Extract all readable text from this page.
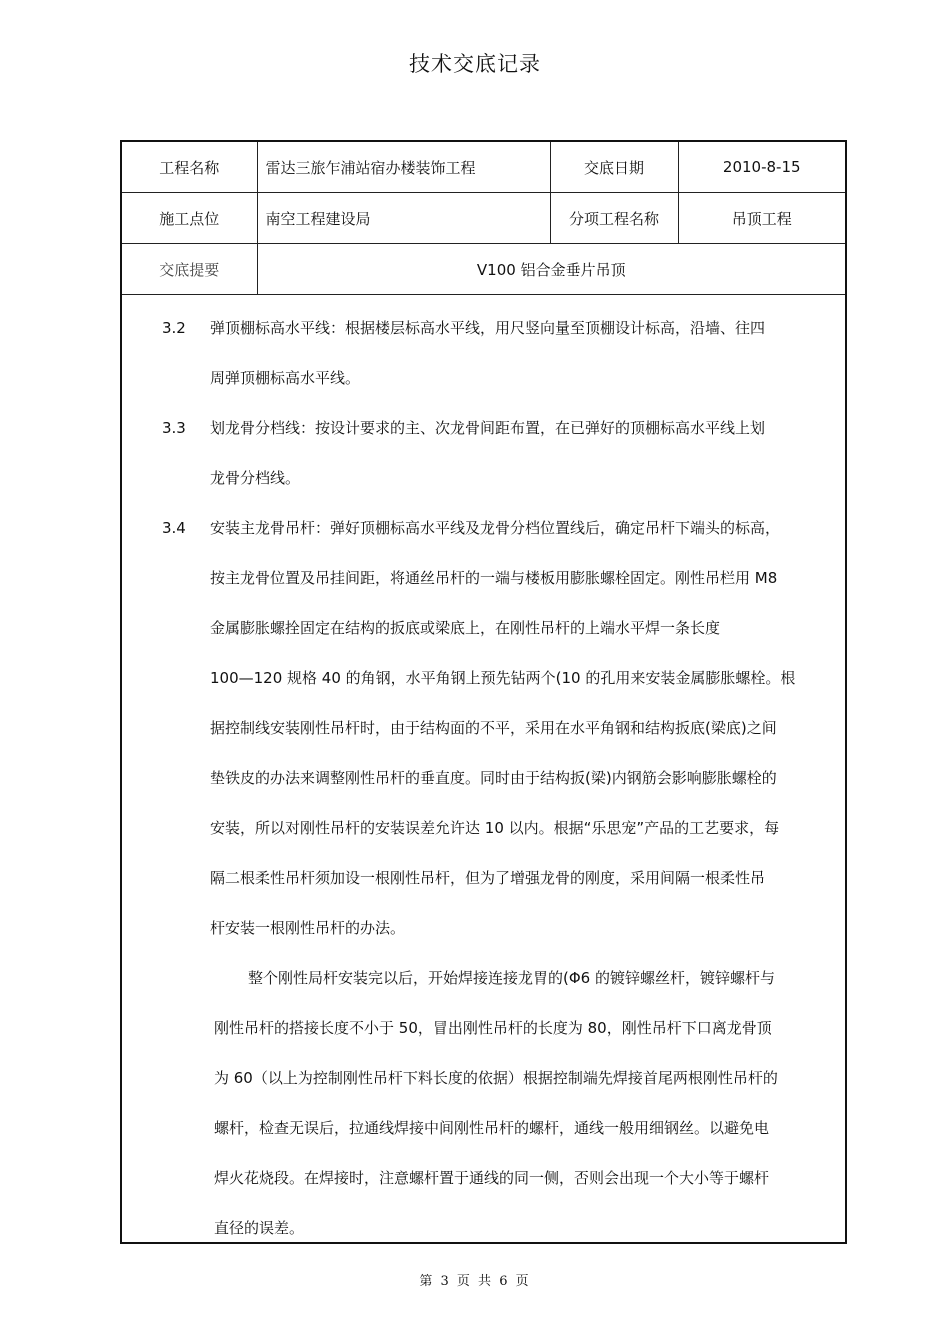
技术交底记录
工程名称	雷达三旅乍浦站宿办楼装饰工程	交底日期	2010-8-15
施工点位	南空工程建设局	分项工程名称	吊顶工程
交底提要	V100 铝合金垂片吊顶		
3.2 弹顶棚标高水平线：根据楼层标高水平线，用尺竖向量至顶棚设计标高，沿墙、往四
周弹顶棚标高水平线。
3.3 划龙骨分档线：按设计要求的主、次龙骨间距布置，在已弹好的顶棚标高水平线上划
龙骨分档线。
3.4 安装主龙骨吊杆：弹好顶棚标高水平线及龙骨分档位置线后，确定吊杆下端头的标高，
按主龙骨位置及吊挂间距，将通丝吊杆的一端与楼板用膨胀螺栓固定。刚性吊栏用 M8
金属膨胀螺拴固定在结构的扳底或梁底上，在刚性吊杆的上端水平焊一条长度
100—120 规格 40 的角钢，水平角钢上预先钻两个(10 的孔用来安装金属膨胀螺栓。根
据控制线安装刚性吊杆时，由于结构面的不平，采用在水平角钢和结构扳底(梁底)之间
垫铁皮的办法来调整刚性吊杆的垂直度。同时由于结构扳(梁)内钢筋会影响膨胀螺栓的
安装，所以对刚性吊杆的安装误差允许达 10 以内。根据“乐思宠”产品的工艺要求，每
隔二根柔性吊杆须加设一根刚性吊杆，但为了增强龙骨的刚度，采用间隔一根柔性吊
杆安装一根刚性吊杆的办法。
整个刚性局杆安装完以后，开始焊接连接龙胃的(Φ6 的镀锌螺丝杆，镀锌螺杆与
刚性吊杆的搭接长度不小于 50，冒出刚性吊杆的长度为 80，刚性吊杆下口离龙骨顶
为 60（以上为控制刚性吊杆下料长度的依据）根据控制端先焊接首尾两根刚性吊杆的
螺杆，检查无误后，拉通线焊接中间刚性吊杆的螺杆，通线一般用细钢丝。以避免电
焊火花烧段。在焊接时，注意螺杆置于通线的同一侧，否则会出现一个大小等于螺杆
直径的误差。
第 3 页 共 6 页
